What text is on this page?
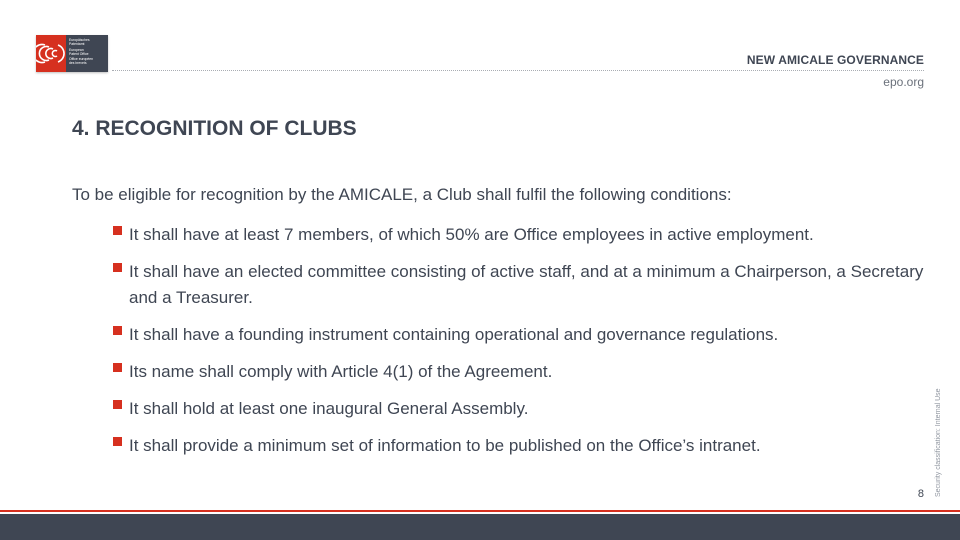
Europäisches
Patentamt
European
Patent Office
Office européen
des brevets	NEW AMICALE GOVERNANCE
epo.org
4. RECOGNITION OF CLUBS
To be eligible for recognition by the AMICALE, a Club shall fulfil the following conditions:
It shall have at least 7 members, of which 50% are Office employees in active employment.
It shall have an elected committee consisting of active staff, and at a minimum a Chairperson, a Secretary and a Treasurer.
It shall have a founding instrument containing operational and governance regulations.
Its name shall comply with Article 4(1) of the Agreement.
It shall hold at least one inaugural General Assembly.
It shall provide a minimum set of information to be published on the Office’s intranet.	Security classification: Internal Use
8
